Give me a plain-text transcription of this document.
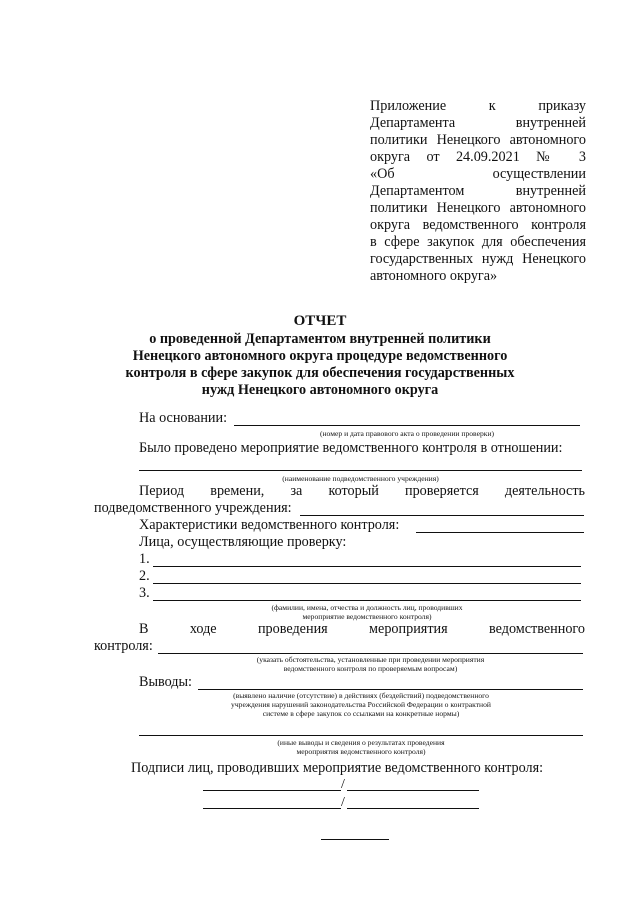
Приложение к приказу
Департамента внутренней
политики Ненецкого автономного
округа от 24.09.2021 № 3
«Об осуществлении
Департаментом внутренней
политики Ненецкого автономного
округа ведомственного контроля
в сфере закупок для обеспечения
государственных нужд Ненецкого
автономного округа»
ОТЧЕТ
о проведенной Департаментом внутренней политики
Ненецкого автономного округа процедуре ведомственного
контроля в сфере закупок для обеспечения государственных
нужд Ненецкого автономного округа
На основании:
(номер и дата правового акта о проведении проверки)
Было проведено мероприятие ведомственного контроля в отношении:
(наименование подведомственного учреждения)
Период времени, за который проверяется деятельность
подведомственного учреждения:
Характеристики ведомственного контроля:
Лица, осуществляющие проверку:
1.
2.
3.
(фамилии, имена, отчества и должность лиц, проводивших
мероприятие ведомственного контроля)
В ходе проведения мероприятия ведомственного
контроля:
(указать обстоятельства, установленные при проведении мероприятия
ведомственного контроля по проверяемым вопросам)
Выводы:
(выявлено наличие (отсутствие) в действиях (бездействий) подведомственного
учреждения нарушений законодательства Российской Федерации о контрактной
системе в сфере закупок со ссылками на конкретные нормы)
(иные выводы и сведения о результатах проведения
мероприятия ведомственного контроля)
Подписи лиц, проводивших мероприятие ведомственного контроля:
/
/
